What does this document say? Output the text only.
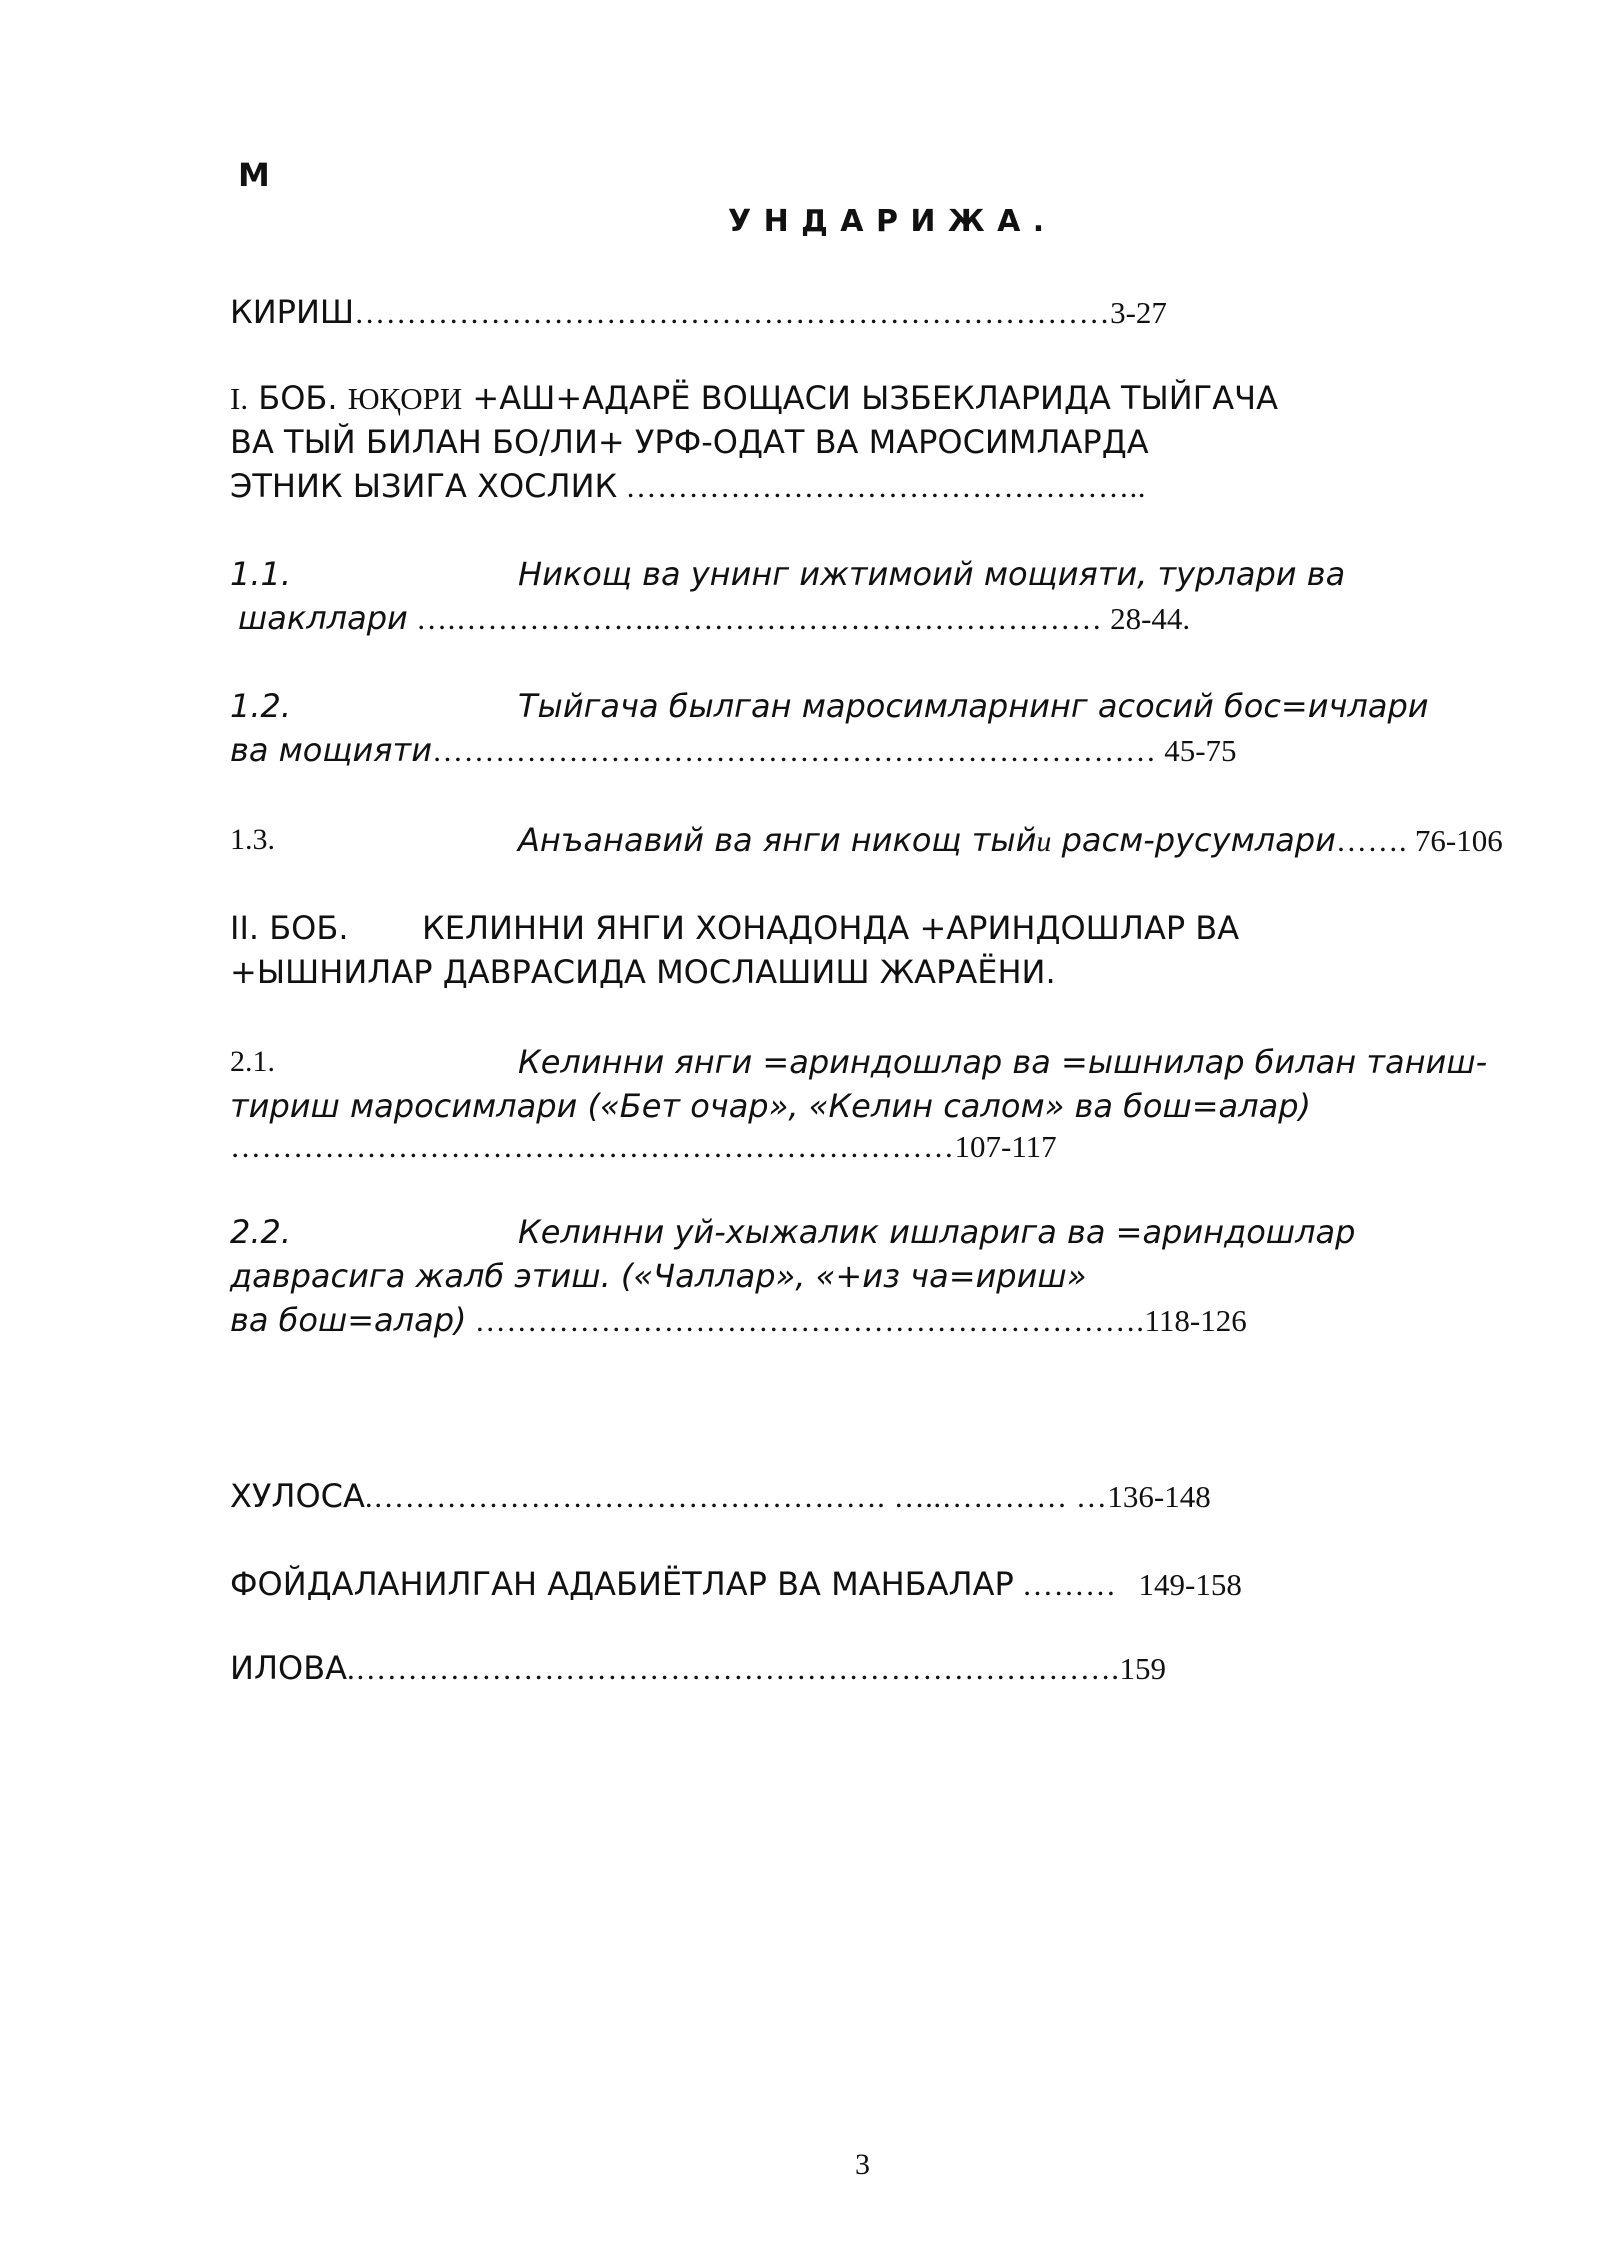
М
У Н Д А Р И Ж А .
КИРИШ………………………………………………………………3-27
I. БОБ. ЮҚОРИ +АШ+АДАРЁ ВОЩАСИ ЫЗБЕКЛАРИДА ТЫЙГАЧА
ВА ТЫЙ БИЛАН БО/ЛИ+ УРФ-ОДАТ ВА МАРОСИМЛАРДА
ЭТНИК ЫЗИГА ХОСЛИК …………………………………………..
1.1.	Никощ ва унинг ижтимоий мощияти, турлари ва
шакллари ….………………..…………………………………… 28-44.
1.2.	Тыйгача былган маросимларнинг асосий бос=ичлари
ва мощияти…………………………………………………………… 45-75
1.3.	Анъанавий ва янги никощ тыйи расм-русумлари……. 76-106
II. БОБ. КЕЛИННИ ЯНГИ ХОНАДОНДА +АРИНДОШЛАР ВА
+ЫШНИЛАР ДАВРАСИДА МОСЛАШИШ ЖАРАЁНИ.
2.1.	Келинни янги =ариндошлар ва =ышнилар билан таниш-
тириш маросимлари («Бет очар», «Келин салом» ва бош=алар)
……………………………………………………………107-117
2.2.	Келинни уй-хыжалик ишларига ва =ариндошлар
даврасига жалб этиш. («Чаллар», «+из ча=ириш»
ва бош=алар) ……………………………………………………….118-126
ХУЛОСА.…………………………………………. …..………… …136-148
ФОЙДАЛАНИЛГАН АДАБИЁТЛАР ВА МАНБАЛАР ……… 149-158
ИЛОВА.……………………………………………………………….159
3
